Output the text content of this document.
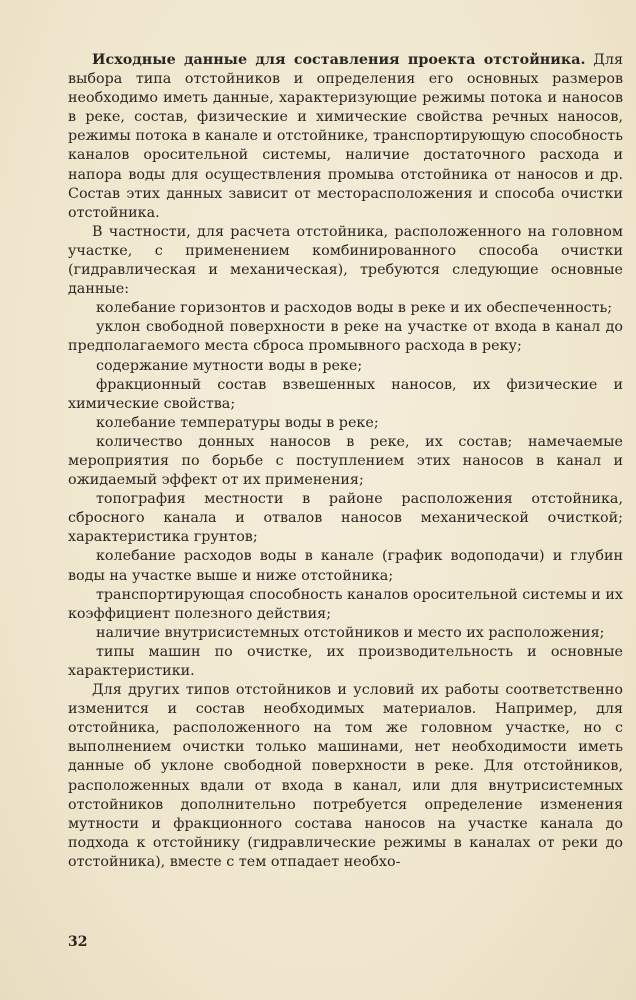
Исходные данные для составления проекта отстойника. Для выбора типа отстойников и определения его основных размеров необходимо иметь данные, характеризующие режимы потока и наносов в реке, состав, физические и химические свойства речных наносов, режимы потока в канале и отстойнике, транспортирующую способность каналов оросительной системы, наличие достаточного расхода и напора воды для осуществления промыва отстойника от наносов и др. Состав этих данных зависит от месторасположения и способа очистки отстойника.

В частности, для расчета отстойника, расположенного на головном участке, с применением комбинированного способа очистки (гидравлическая и механическая), требуются следующие основные данные:

колебание горизонтов и расходов воды в реке и их обеспеченность;

уклон свободной поверхности в реке на участке от входа в канал до предполагаемого места сброса промывного расхода в реку;

содержание мутности воды в реке;

фракционный состав взвешенных наносов, их физические и химические свойства;

колебание температуры воды в реке;

количество донных наносов в реке, их состав; намечаемые мероприятия по борьбе с поступлением этих наносов в канал и ожидаемый эффект от их применения;

топография местности в районе расположения отстойника, сбросного канала и отвалов наносов механической очисткой; характеристика грунтов;

колебание расходов воды в канале (график водоподачи) и глубин воды на участке выше и ниже отстойника;

транспортирующая способность каналов оросительной системы и их коэффициент полезного действия;

наличие внутрисистемных отстойников и место их расположения;

типы машин по очистке, их производительность и основные характеристики.

Для других типов отстойников и условий их работы соответственно изменится и состав необходимых материалов. Например, для отстойника, расположенного на том же головном участке, но с выполнением очистки только машинами, нет необходимости иметь данные об уклоне свободной поверхности в реке. Для отстойников, расположенных вдали от входа в канал, или для внутрисистемных отстойников дополнительно потребуется определение изменения мутности и фракционного состава наносов на участке канала до подхода к отстойнику (гидравлические режимы в каналах от реки до отстойника), вместе с тем отпадает необхо-

32
